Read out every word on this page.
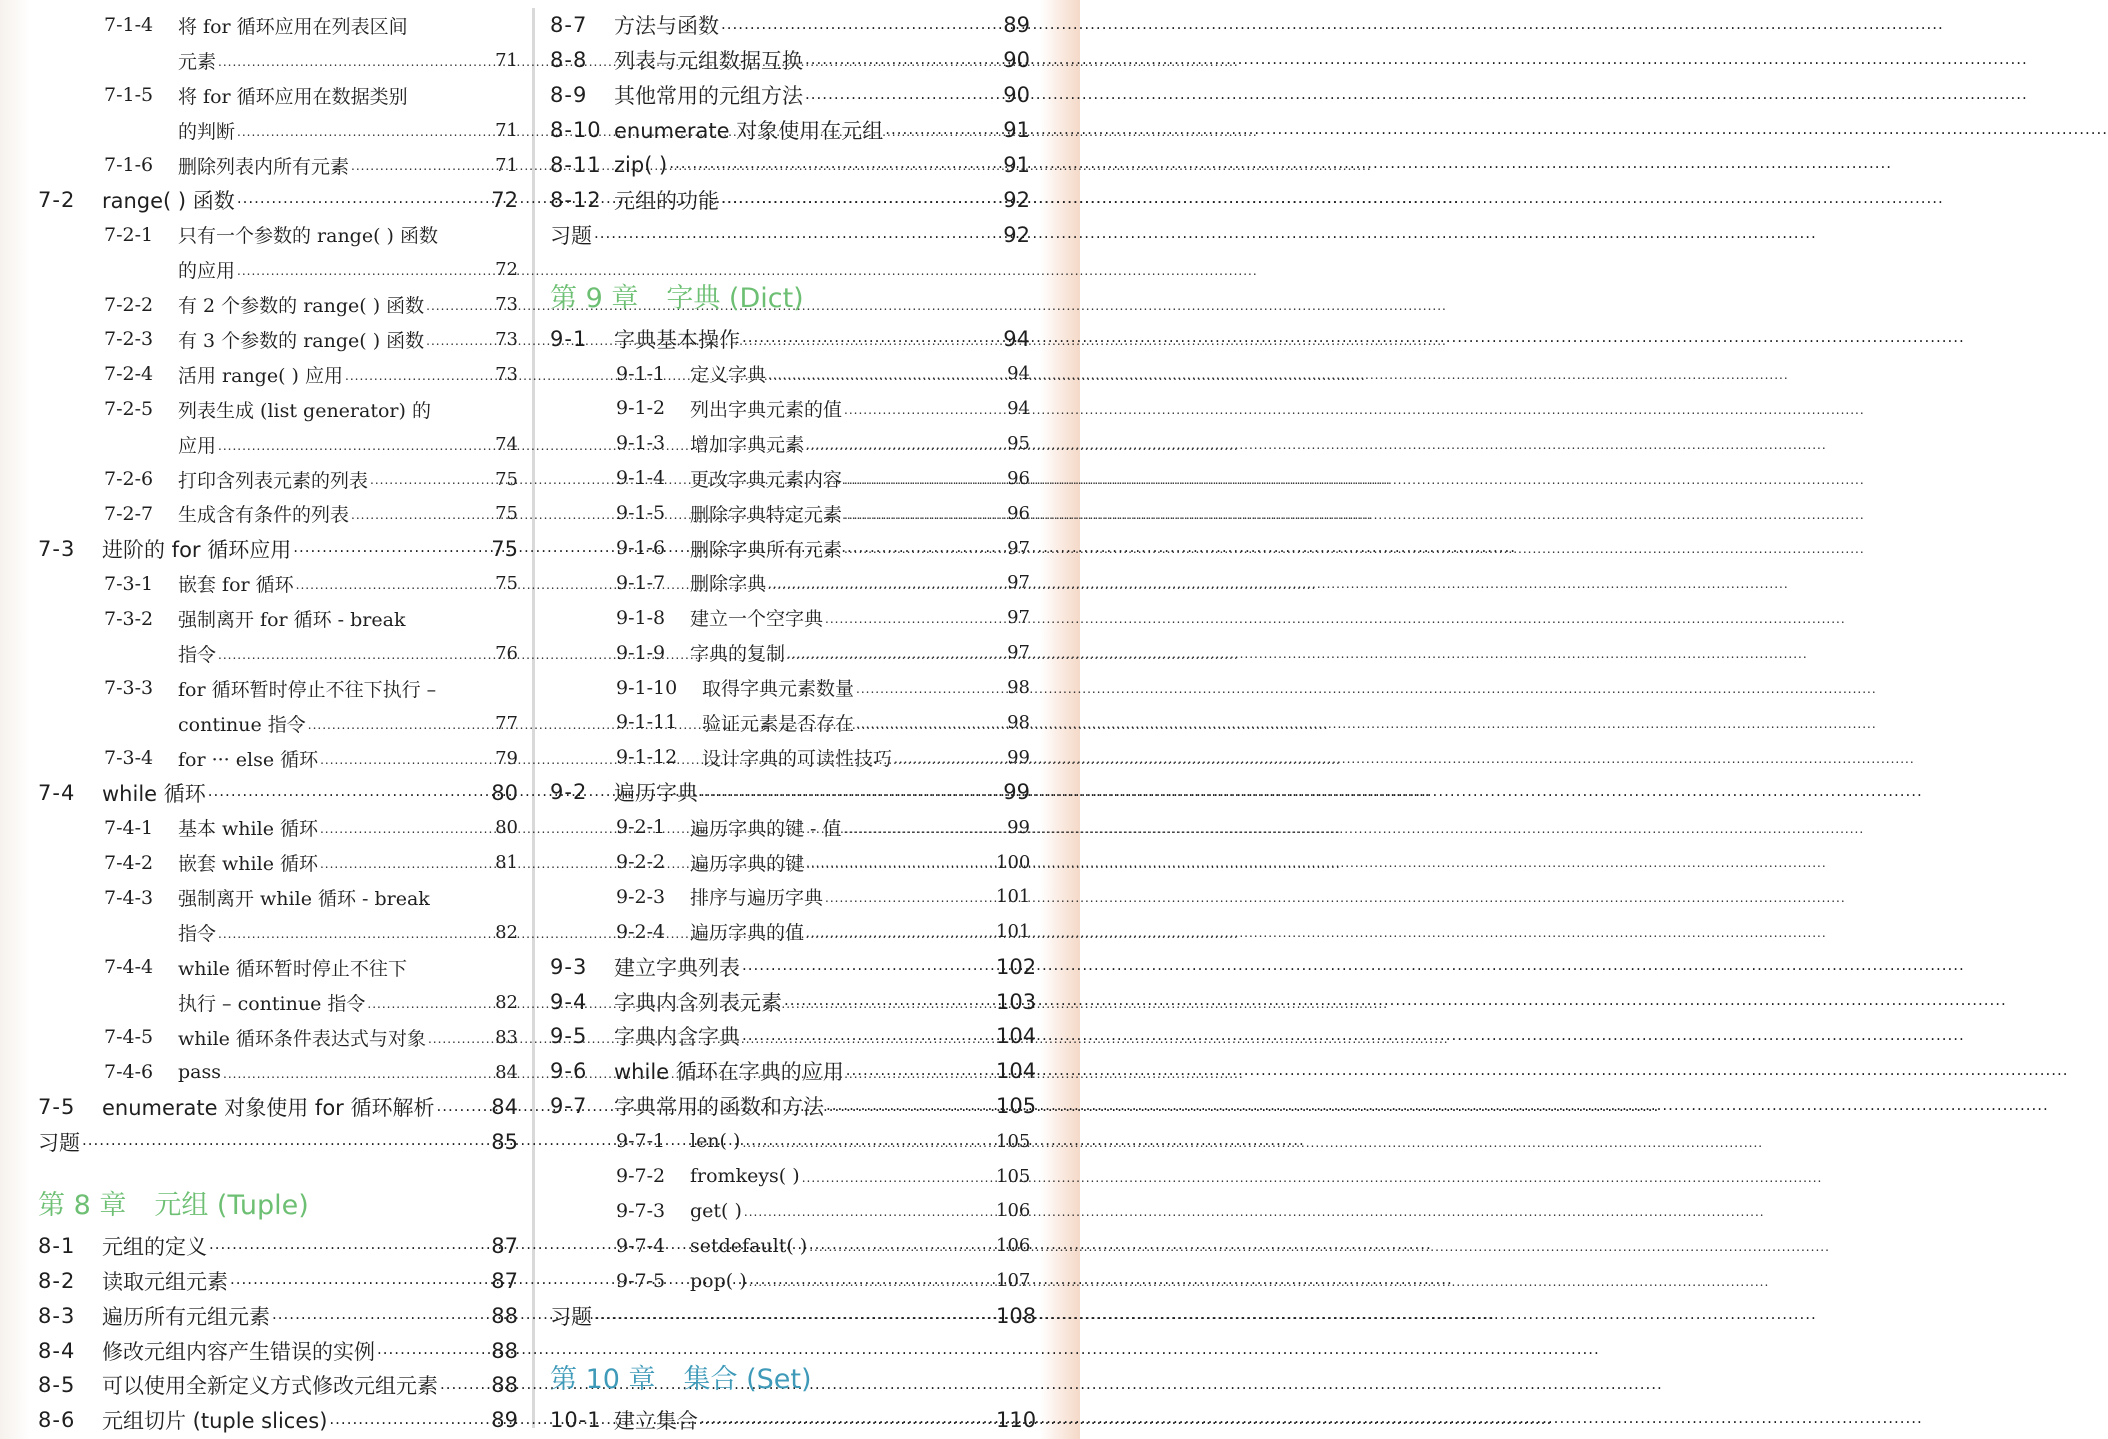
7-1-4	将 for 循环应用在列表区间
元素 .....	71
7-1-5	将 for 循环应用在数据类别
的判断 .....	71
7-1-6	删除列表内所有元素 .....	71
7-2	range( ) 函数 .....	72
7-2-1	只有一个参数的 range( ) 函数
的应用 .....	72
7-2-2	有 2 个参数的 range( ) 函数 .....	73
7-2-3	有 3 个参数的 range( ) 函数 .....	73
7-2-4	活用 range( ) 应用 .....	73
7-2-5	列表生成 (list generator) 的
应用 .....	74
7-2-6	打印含列表元素的列表 .....	75
7-2-7	生成含有条件的列表 .....	75
7-3	进阶的 for 循环应用 .....	75
7-3-1	嵌套 for 循环 .....	75
7-3-2	强制离开 for 循环 - break
指令 .....	76
7-3-3	for 循环暂时停止不往下执行 –
continue 指令 .....	77
7-3-4	for ··· else 循环 .....	79
7-4	while 循环 .....	80
7-4-1	基本 while 循环 .....	80
7-4-2	嵌套 while 循环 .....	81
7-4-3	强制离开 while 循环 - break
指令 .....	82
7-4-4	while 循环暂时停止不往下
执行 – continue 指令 .....	82
7-4-5	while 循环条件表达式与对象 .....	83
7-4-6	pass .....	84
7-5	enumerate 对象使用 for 循环解析 .....	84
习题 .....	85
第 8 章 元组 (Tuple)
8-1	元组的定义 .....	87
8-2	读取元组元素 .....	87
8-3	遍历所有元组元素 .....	88
8-4	修改元组内容产生错误的实例 .....	88
8-5	可以使用全新定义方式修改元组元素 .....	88
8-6	元组切片 (tuple slices) .....	89
8-7	方法与函数 .....	89
8-8	列表与元组数据互换 .....	90
8-9	其他常用的元组方法 .....	90
8-10 enumerate 对象使用在元组 .....	91
8-11 zip( ) .....	91
8-12 元组的功能 .....	92
习题 .....	92
第 9 章 字典 (Dict)
9-1	字典基本操作 .....	94
9-1-1	定义字典 .....	94
9-1-2	列出字典元素的值 .....	94
9-1-3	增加字典元素 .....	95
9-1-4	更改字典元素内容 .....	96
9-1-5	删除字典特定元素 .....	96
9-1-6	删除字典所有元素 .....	97
9-1-7	删除字典 .....	97
9-1-8	建立一个空字典 .....	97
9-1-9	字典的复制 .....	97
9-1-10	取得字典元素数量 .....	98
9-1-11	验证元素是否存在 .....	98
9-1-12	设计字典的可读性技巧 .....	99
9-2	遍历字典 .....	99
9-2-1	遍历字典的键 - 值 .....	99
9-2-2	遍历字典的键 .....	100
9-2-3	排序与遍历字典 .....	101
9-2-4	遍历字典的值 .....	101
9-3	建立字典列表 .....	102
9-4	字典内含列表元素 .....	103
9-5	字典内含字典 .....	104
9-6	while 循环在字典的应用 .....	104
9-7	字典常用的函数和方法 .....	105
9-7-1	len( ) .....	105
9-7-2	fromkeys( ) .....	105
9-7-3	get( ) .....	106
9-7-4	setdefault( ) .....	106
9-7-5	pop( ) .....	107
习题 .....	108
第 10 章 集合 (Set)
10-1 建立集合 .....	110
